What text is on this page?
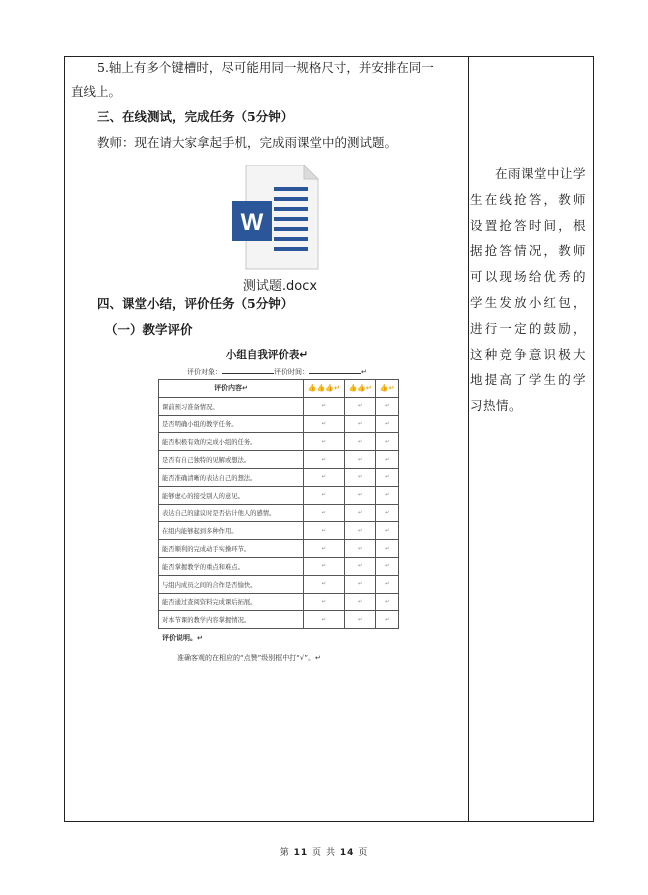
5.轴上有多个键槽时，尽可能用同一规格尺寸，并安排在同一
直线上。
三、在线测试，完成任务（5分钟）
教师：现在请大家拿起手机，完成雨课堂中的测试题。
W
测试题.docx
四、课堂小结，评价任务（5分钟）
（一）教学评价
小组自我评价表↵
评价对象：	评价时间：	↵
评价内容↵	👍👍👍↵	👍👍↵	👍↵
课前预习准备情况。	↵	↵	↵
是否明确小组的教学任务。	↵	↵	↵
能否积极有效的完成小组的任务。	↵	↵	↵
是否有自己独特的见解或想法。	↵	↵	↵
能否准确清晰的表达自己的想法。	↵	↵	↵
能够虚心的接受别人的意见。	↵	↵	↵
表达自己的建议时是否估计他人的感情。	↵	↵	↵
在组内能够起到多种作用。	↵	↵	↵
能否顺利的完成动手实操环节。	↵	↵	↵
能否掌握教学的重点和难点。	↵	↵	↵
与组内成员之间的合作是否愉快。	↵	↵	↵
能否通过查阅资料完成课后拓展。	↵	↵	↵
对本节课的教学内容掌握情况。	↵	↵	↵
评价说明。↵
准确客观的在相应的“点赞”级别框中打“√”。↵
在雨课堂中让学生在线抢答，教师设置抢答时间，根据抢答情况，教师可以现场给优秀的学生发放小红包，进行一定的鼓励，这种竞争意识极大地提高了学生的学习热情。
第 11 页 共 14 页
